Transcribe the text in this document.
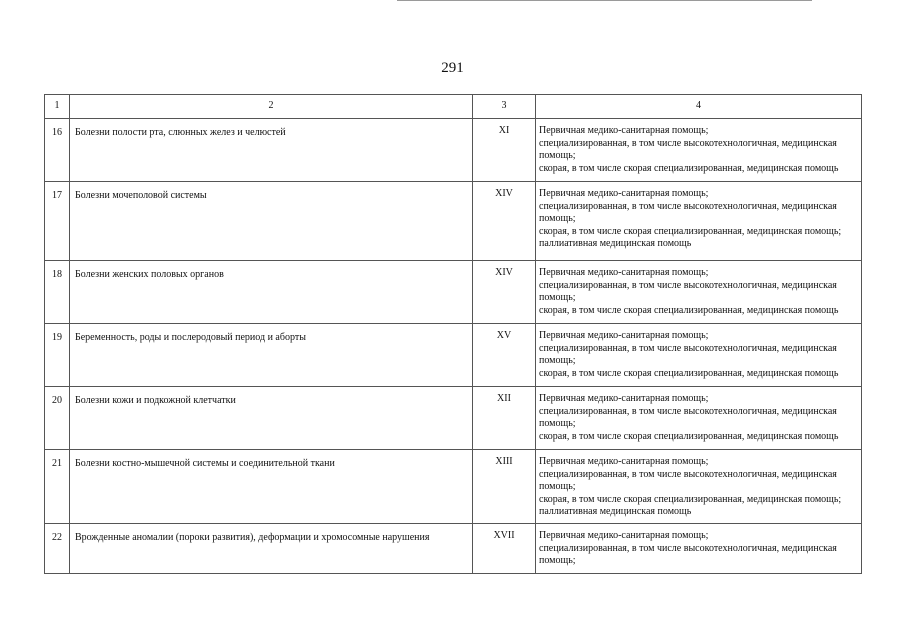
291
1	2	3	4
16	Болезни полости рта, слюнных желез и челюстей	XI	Первичная медико-санитарная помощь;
специализированная, в том числе высокотехнологичная, медицинская
помощь;
скорая, в том числе скорая специализированная, медицинская помощь

17	Болезни мочеполовой системы	XIV	Первичная медико-санитарная помощь;
специализированная, в том числе высокотехнологичная, медицинская
помощь;
скорая, в том числе скорая специализированная, медицинская помощь;
паллиативная медицинская помощь

18	Болезни женских половых органов	XIV	Первичная медико-санитарная помощь;
специализированная, в том числе высокотехнологичная, медицинская
помощь;
скорая, в том числе скорая специализированная, медицинская помощь

19	Беременность, роды и послеродовый период и аборты	XV	Первичная медико-санитарная помощь;
специализированная, в том числе высокотехнологичная, медицинская
помощь;
скорая, в том числе скорая специализированная, медицинская помощь

20	Болезни кожи и подкожной клетчатки	XII	Первичная медико-санитарная помощь;
специализированная, в том числе высокотехнологичная, медицинская
помощь;
скорая, в том числе скорая специализированная, медицинская помощь

21	Болезни костно-мышечной системы и соединительной ткани	XIII	Первичная медико-санитарная помощь;
специализированная, в том числе высокотехнологичная, медицинская
помощь;
скорая, в том числе скорая специализированная, медицинская помощь;
паллиативная медицинская помощь

22	Врожденные аномалии (пороки развития), деформации и хромосомные нарушения	XVII	Первичная медико-санитарная помощь;
специализированная, в том числе высокотехнологичная, медицинская
помощь;
